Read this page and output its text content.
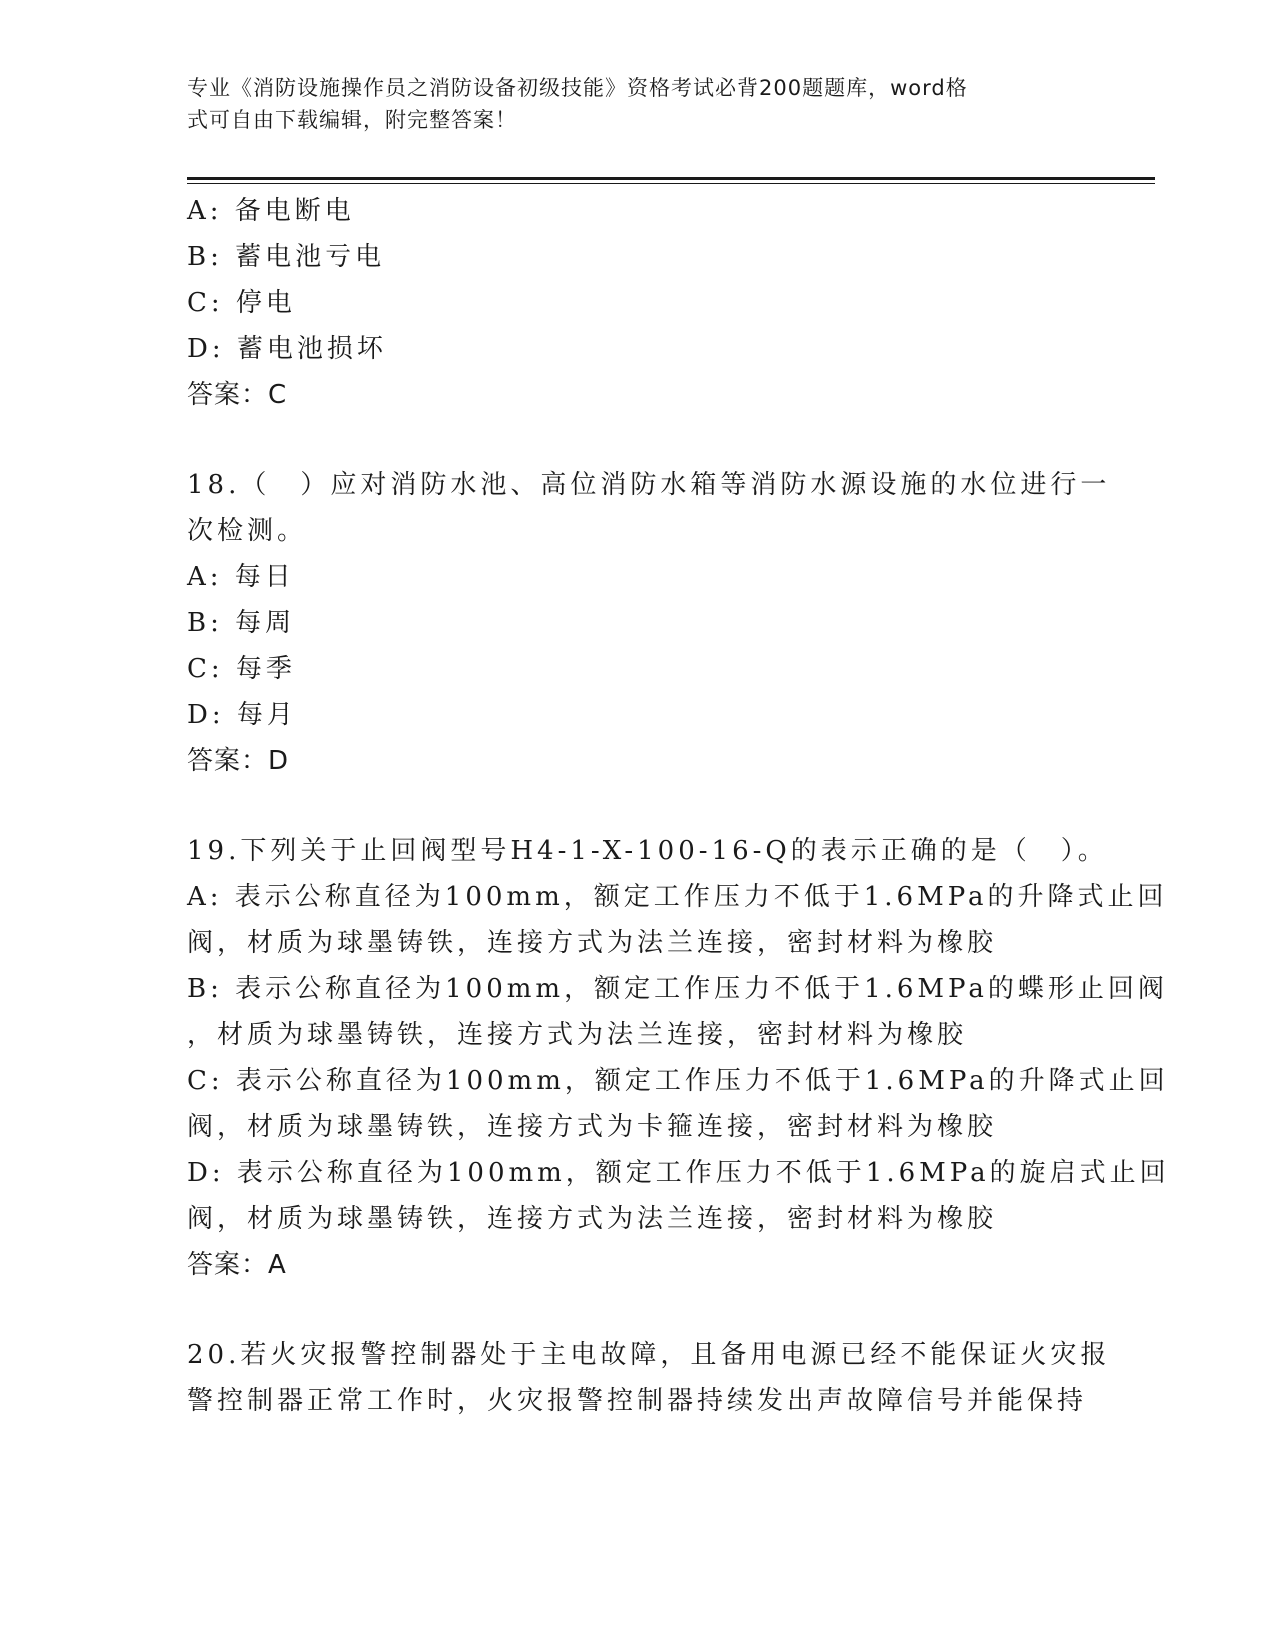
专业《消防设施操作员之消防设备初级技能》资格考试必背200题题库，word格
式可自由下载编辑，附完整答案！
A: 备电断电
B: 蓄电池亏电
C: 停电
D: 蓄电池损坏
答案：C
18.（　）应对消防水池、高位消防水箱等消防水源设施的水位进行一
次检测。
A: 每日
B: 每周
C: 每季
D: 每月
答案：D
19.下列关于止回阀型号H4-1-X-100-16-Q的表示正确的是（　）。
A: 表示公称直径为100mm，额定工作压力不低于1.6MPa的升降式止回
阀，材质为球墨铸铁，连接方式为法兰连接，密封材料为橡胶
B: 表示公称直径为100mm，额定工作压力不低于1.6MPa的蝶形止回阀
，材质为球墨铸铁，连接方式为法兰连接，密封材料为橡胶
C: 表示公称直径为100mm，额定工作压力不低于1.6MPa的升降式止回
阀，材质为球墨铸铁，连接方式为卡箍连接，密封材料为橡胶
D: 表示公称直径为100mm，额定工作压力不低于1.6MPa的旋启式止回
阀，材质为球墨铸铁，连接方式为法兰连接，密封材料为橡胶
答案：A
20.若火灾报警控制器处于主电故障，且备用电源已经不能保证火灾报
警控制器正常工作时，火灾报警控制器持续发出声故障信号并能保持
